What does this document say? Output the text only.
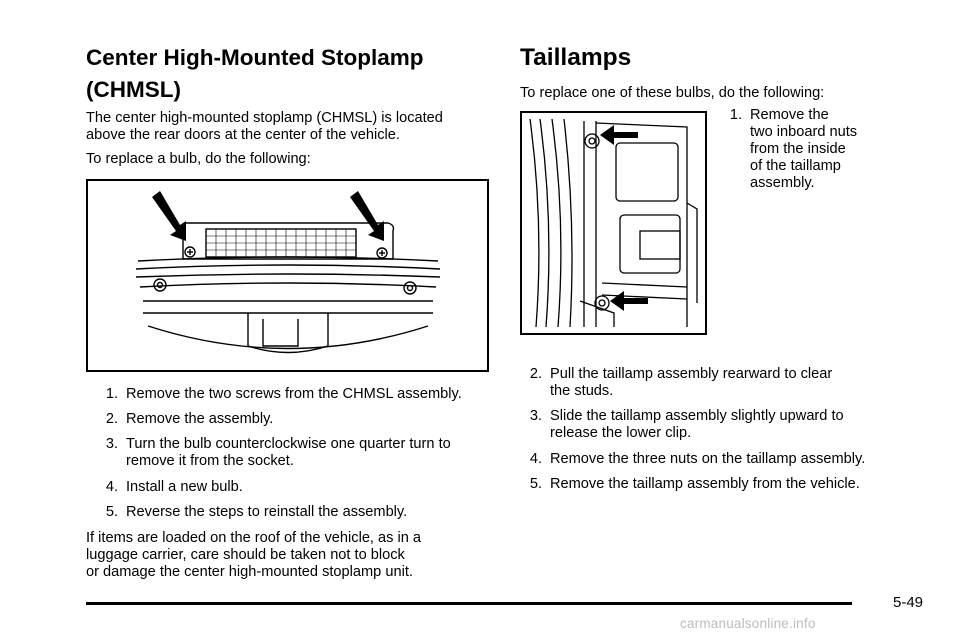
Center High-Mounted Stoplamp
(CHMSL)

The center high-mounted stoplamp (CHMSL) is located
above the rear doors at the center of the vehicle.

To replace a bulb, do the following:

1. Remove the two screws from the CHMSL assembly.
2. Remove the assembly.
3. Turn the bulb counterclockwise one quarter turn to
remove it from the socket.
4. Install a new bulb.
5. Reverse the steps to reinstall the assembly.

If items are loaded on the roof of the vehicle, as in a
luggage carrier, care should be taken not to block
or damage the center high-mounted stoplamp unit.

Taillamps

To replace one of these bulbs, do the following:

1. Remove the
two inboard nuts
from the inside
of the taillamp
assembly.
2. Pull the taillamp assembly rearward to clear
the studs.
3. Slide the taillamp assembly slightly upward to
release the lower clip.
4. Remove the three nuts on the taillamp assembly.
5. Remove the taillamp assembly from the vehicle.
5-49
carmanualsonline.info
